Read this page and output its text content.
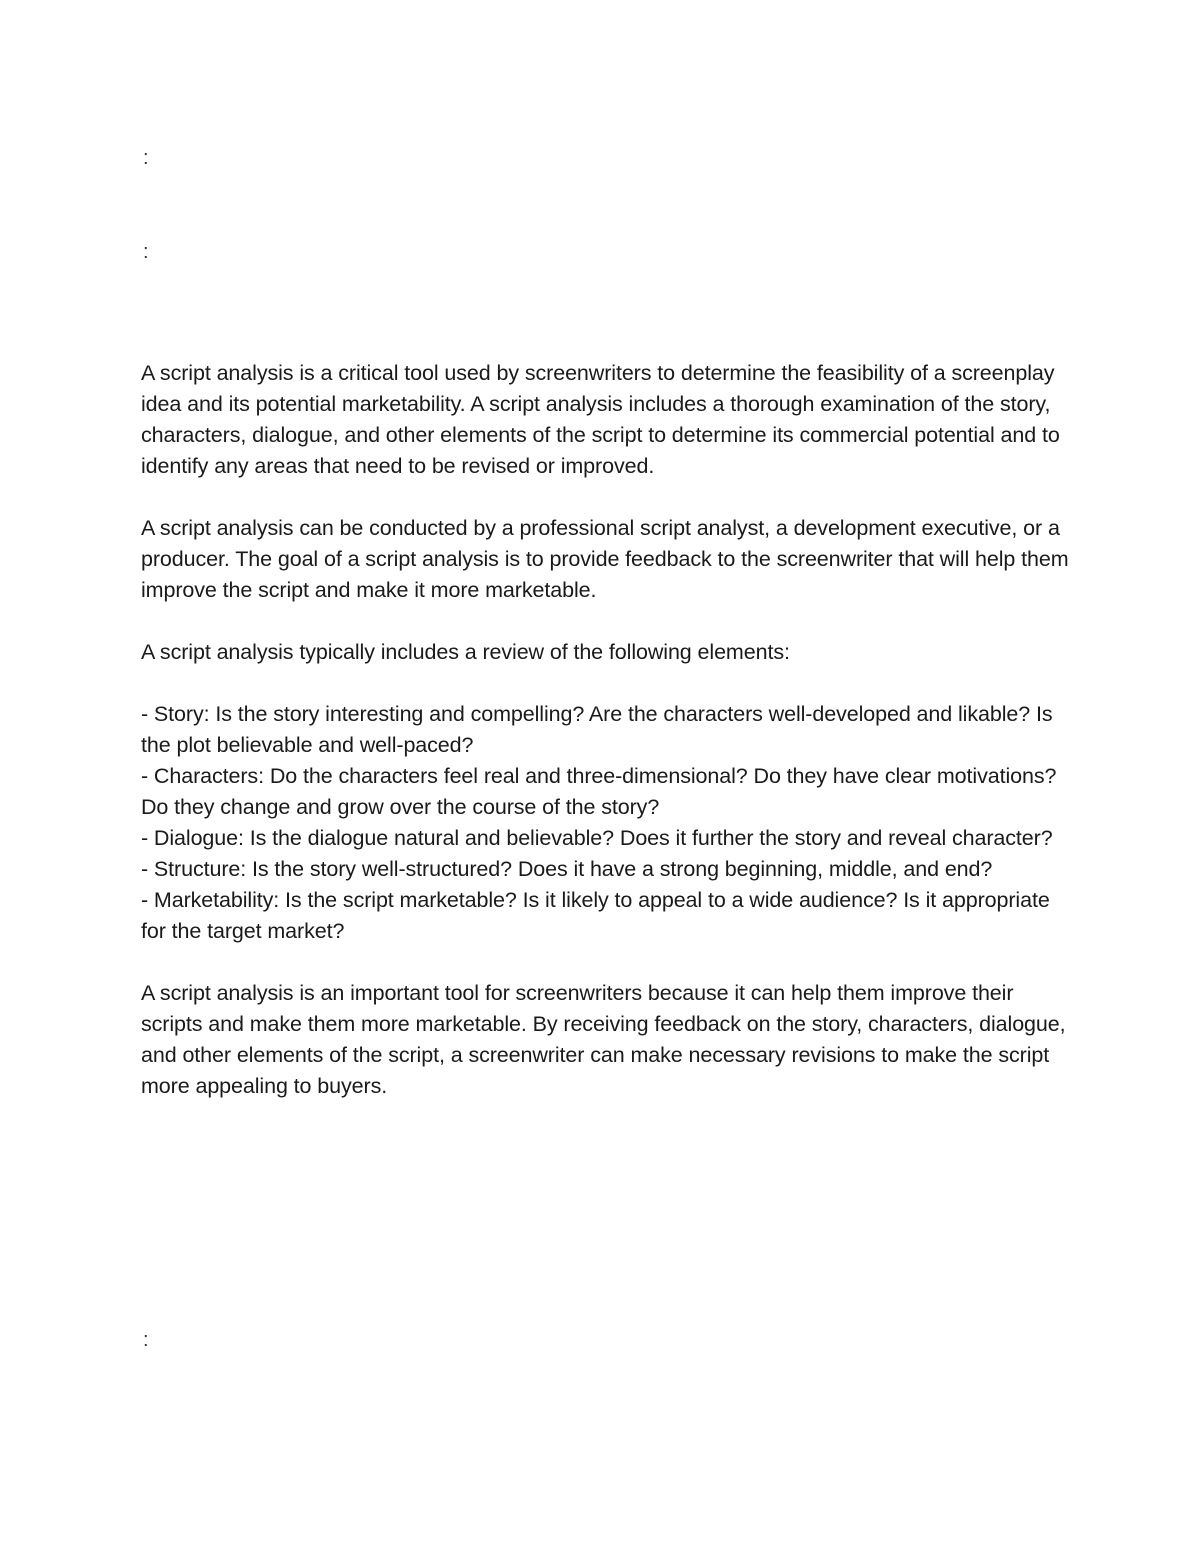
:
:

A script analysis is a critical tool used by screenwriters to determine the feasibility of a screenplay idea and its potential marketability. A script analysis includes a thorough examination of the story, characters, dialogue, and other elements of the script to determine its commercial potential and to identify any areas that need to be revised or improved.

A script analysis can be conducted by a professional script analyst, a development executive, or a producer. The goal of a script analysis is to provide feedback to the screenwriter that will help them improve the script and make it more marketable.

A script analysis typically includes a review of the following elements:

- Story: Is the story interesting and compelling? Are the characters well-developed and likable? Is the plot believable and well-paced?
- Characters: Do the characters feel real and three-dimensional? Do they have clear motivations? Do they change and grow over the course of the story?
- Dialogue: Is the dialogue natural and believable? Does it further the story and reveal character?
- Structure: Is the story well-structured? Does it have a strong beginning, middle, and end?
- Marketability: Is the script marketable? Is it likely to appeal to a wide audience? Is it appropriate for the target market?

A script analysis is an important tool for screenwriters because it can help them improve their scripts and make them more marketable. By receiving feedback on the story, characters, dialogue, and other elements of the script, a screenwriter can make necessary revisions to make the script more appealing to buyers.

:
